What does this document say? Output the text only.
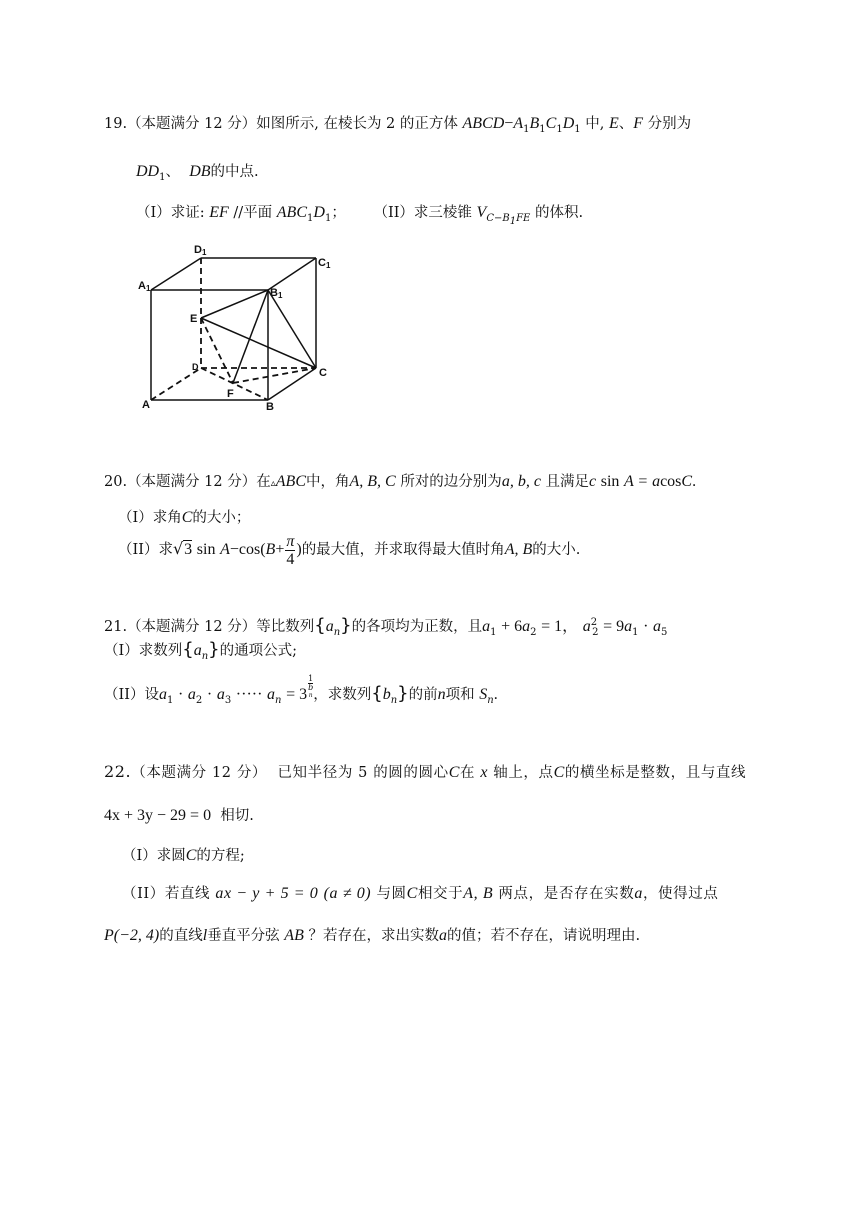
19.（本题满分 12 分）如图所示, 在棱长为 2 的正方体 $ABCD-A_1B_1C_1D_1$ 中, E、F 分别为
$DD_1$、 DB的中点.
（I）求证: EF //平面 $ABC_1D_1$； （II）求三棱锥 $V_{C-B_1FE}$ 的体积.
D1
C1
A1	B1
E
D	C
F
A	B
20.（本题满分 12 分）在▵ABC中，角A, B, C 所对的边分别为a, b, c 且满足c sin A = acosC.
（I）求角C的大小；
（II）求√3 $\sin A-\cos(B+ \frac{\pi}{4}$ )的最大值，并求取得最大值时角A, B的大小.
21.（本题满分 12 分）等比数列$\{a_n\}$的各项均为正数，且$a_1 + 6a_2 = 1$， $a^2_2 = 9a_1 \cdot a_5$
（I）求数列$\{a_n\}$的通项公式;
（II）设$a_1 \cdot a_2 \cdot a_3$ ····· $a_n = 3$ 1
b
n ，求数列$\{b_n\}$的前n项和 $S_n$.
22.（本题满分 12 分） 已知半径为 5 的圆的圆心C在 x 轴上，点C的横坐标是整数，且与直线
4x + 3y − 29 = 0 相切.
（I）求圆C的方程;
（II）若直线 ax − y + 5 = 0 (a ≠ 0) 与圆C相交于A, B 两点，是否存在实数a，使得过点
P(−2, 4)的直线l垂直平分弦 AB ？若存在，求出实数a的值；若不存在，请说明理由.
